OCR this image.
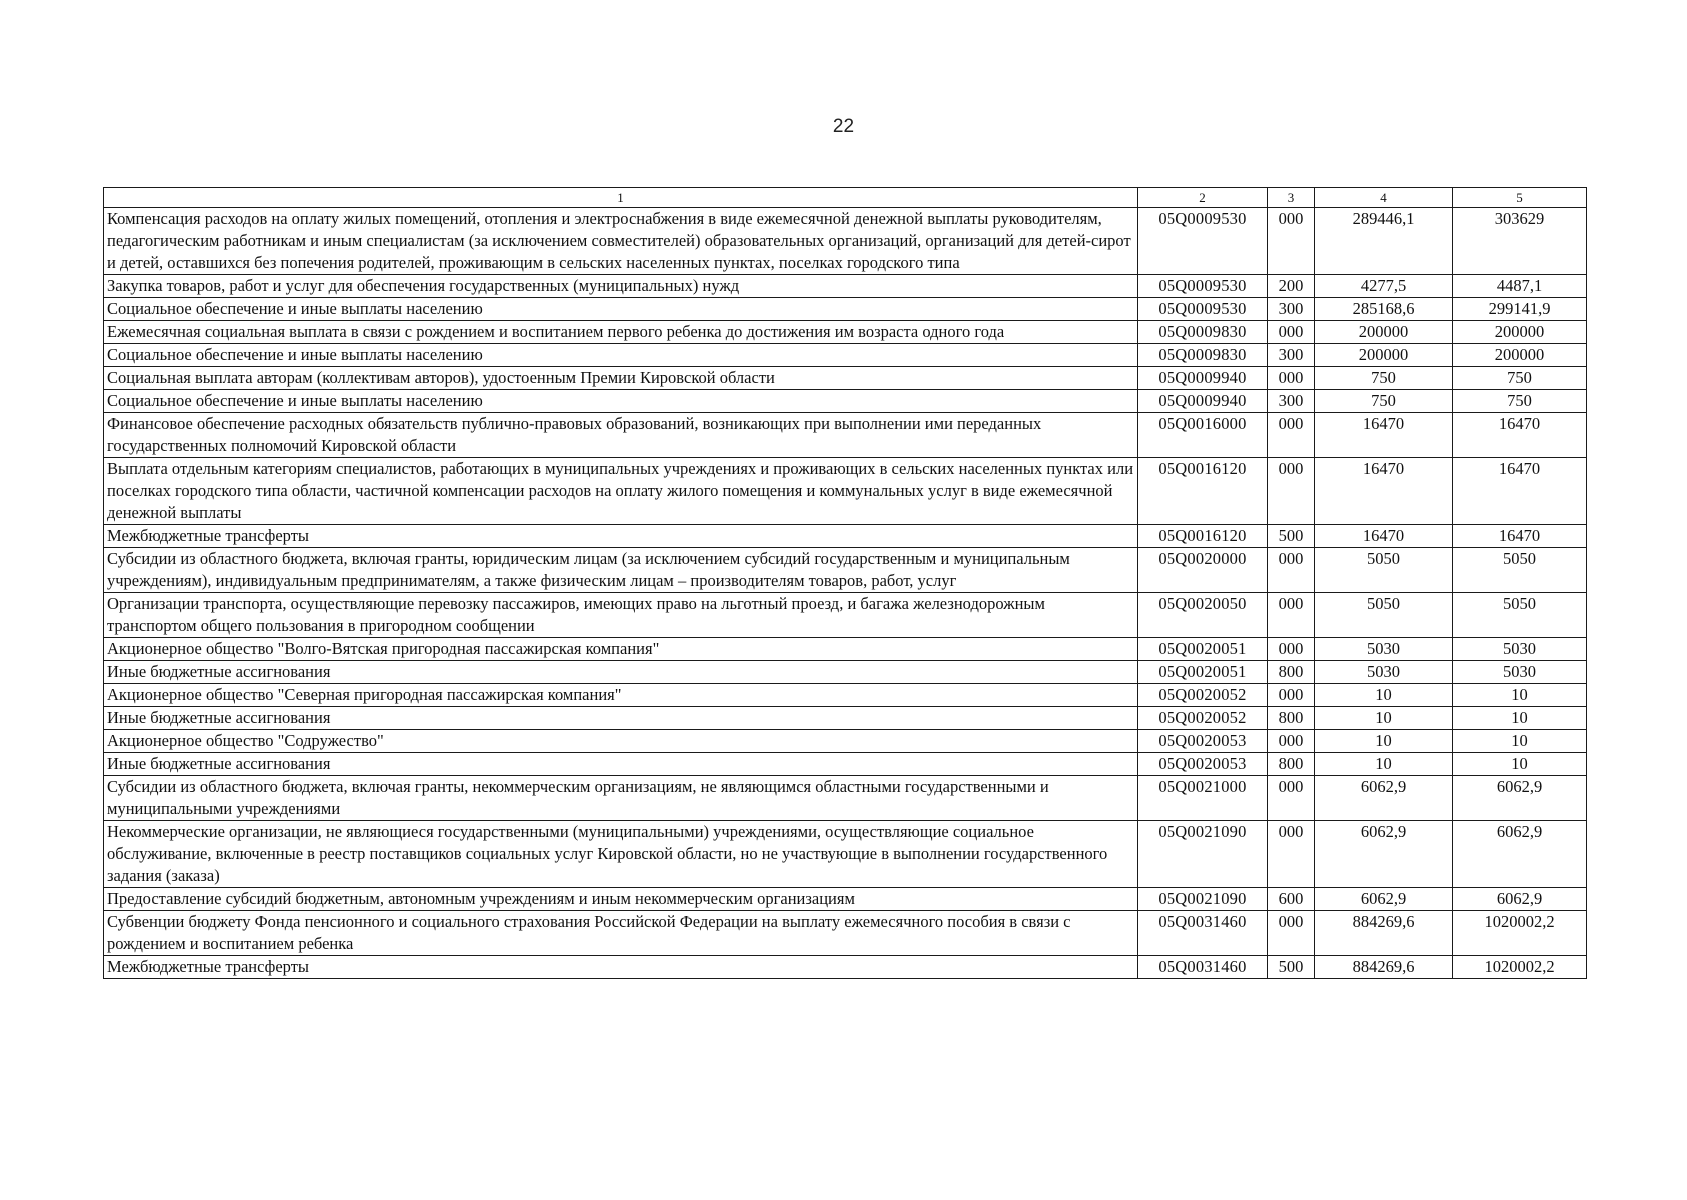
22
1	2	3	4	5
Компенсация расходов на оплату жилых помещений, отопления и электроснабжения в виде ежемесячной денежной выплаты руководителям, педагогическим работникам и иным специалистам (за исключением совместителей) образовательных организаций, организаций для детей-сирот и детей, оставшихся без попечения родителей, проживающим в сельских населенных пунктах, поселках городского типа	05Q0009530	000	289446,1	303629
Закупка товаров, работ и услуг для обеспечения государственных (муниципальных) нужд	05Q0009530	200	4277,5	4487,1
Социальное обеспечение и иные выплаты населению	05Q0009530	300	285168,6	299141,9
Ежемесячная социальная выплата в связи с рождением и воспитанием первого ребенка до достижения им возраста одного года	05Q0009830	000	200000	200000
Социальное обеспечение и иные выплаты населению	05Q0009830	300	200000	200000
Социальная выплата авторам (коллективам авторов), удостоенным Премии Кировской области	05Q0009940	000	750	750
Социальное обеспечение и иные выплаты населению	05Q0009940	300	750	750
Финансовое обеспечение расходных обязательств публично-правовых образований, возникающих при выполнении ими переданных государственных полномочий Кировской области	05Q0016000	000	16470	16470
Выплата отдельным категориям специалистов, работающих в муниципальных учреждениях и проживающих в сельских населенных пунктах или поселках городского типа области, частичной компенсации расходов на оплату жилого помещения и коммунальных услуг в виде ежемесячной денежной выплаты	05Q0016120	000	16470	16470
Межбюджетные трансферты	05Q0016120	500	16470	16470
Субсидии из областного бюджета, включая гранты, юридическим лицам (за исключением субсидий государственным и муниципальным учреждениям), индивидуальным предпринимателям, а также физическим лицам – производителям товаров, работ, услуг	05Q0020000	000	5050	5050
Организации транспорта, осуществляющие перевозку пассажиров, имеющих право на льготный проезд, и багажа железнодорожным транспортом общего пользования в пригородном сообщении	05Q0020050	000	5050	5050
Акционерное общество "Волго-Вятская пригородная пассажирская компания"	05Q0020051	000	5030	5030
Иные бюджетные ассигнования	05Q0020051	800	5030	5030
Акционерное общество "Северная пригородная пассажирская компания"	05Q0020052	000	10	10
Иные бюджетные ассигнования	05Q0020052	800	10	10
Акционерное общество "Содружество"	05Q0020053	000	10	10
Иные бюджетные ассигнования	05Q0020053	800	10	10
Субсидии из областного бюджета, включая гранты, некоммерческим организациям, не являющимся областными государственными и муниципальными учреждениями	05Q0021000	000	6062,9	6062,9
Некоммерческие организации, не являющиеся государственными (муниципальными) учреждениями, осуществляющие социальное обслуживание, включенные в реестр поставщиков социальных услуг Кировской области, но не участвующие в выполнении государственного задания (заказа)	05Q0021090	000	6062,9	6062,9
Предоставление субсидий бюджетным, автономным учреждениям и иным некоммерческим организациям	05Q0021090	600	6062,9	6062,9
Субвенции бюджету Фонда пенсионного и социального страхования Российской Федерации на выплату ежемесячного пособия в связи с рождением и воспитанием ребенка	05Q0031460	000	884269,6	1020002,2
Межбюджетные трансферты	05Q0031460	500	884269,6	1020002,2
